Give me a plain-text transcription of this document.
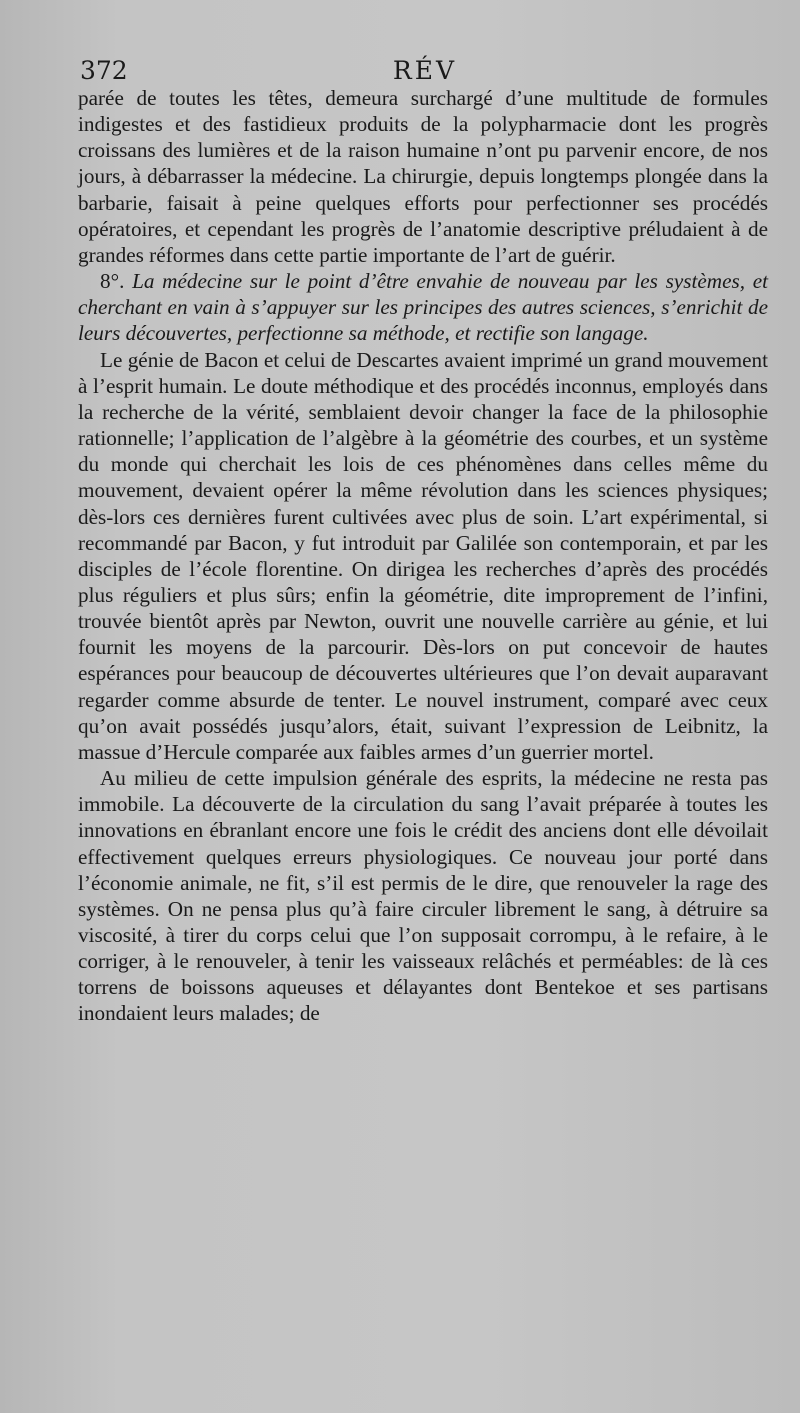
372	RÉV

parée de toutes les têtes, demeura surchargé d’une multitude de formules indigestes et des fastidieux produits de la polypharmacie dont les progrès croissans des lumières et de la raison humaine n’ont pu parvenir encore, de nos jours, à débarrasser la médecine. La chirurgie, depuis longtemps plongée dans la barbarie, faisait à peine quelques efforts pour perfectionner ses procédés opératoires, et cependant les progrès de l’anatomie descriptive préludaient à de grandes réformes dans cette partie importante de l’art de guérir.

8°. La médecine sur le point d’être envahie de nouveau par les systèmes, et cherchant en vain à s’appuyer sur les principes des autres sciences, s’enrichit de leurs découvertes, perfectionne sa méthode, et rectifie son langage.

Le génie de Bacon et celui de Descartes avaient imprimé un grand mouvement à l’esprit humain. Le doute méthodique et des procédés inconnus, employés dans la recherche de la vérité, semblaient devoir changer la face de la philosophie rationnelle; l’application de l’algèbre à la géométrie des courbes, et un système du monde qui cherchait les lois de ces phénomènes dans celles même du mouvement, devaient opérer la même révolution dans les sciences physiques; dès-lors ces dernières furent cultivées avec plus de soin. L’art expérimental, si recommandé par Bacon, y fut introduit par Galilée son contemporain, et par les disciples de l’école florentine. On dirigea les recherches d’après des procédés plus réguliers et plus sûrs; enfin la géométrie, dite improprement de l’infini, trouvée bientôt après par Newton, ouvrit une nouvelle carrière au génie, et lui fournit les moyens de la parcourir. Dès-lors on put concevoir de hautes espérances pour beaucoup de découvertes ultérieures que l’on devait auparavant regarder comme absurde de tenter. Le nouvel instrument, comparé avec ceux qu’on avait possédés jusqu’alors, était, suivant l’expression de Leibnitz, la massue d’Hercule comparée aux faibles armes d’un guerrier mortel.

Au milieu de cette impulsion générale des esprits, la médecine ne resta pas immobile. La découverte de la circulation du sang l’avait préparée à toutes les innovations en ébranlant encore une fois le crédit des anciens dont elle dévoilait effectivement quelques erreurs physiologiques. Ce nouveau jour porté dans l’économie animale, ne fit, s’il est permis de le dire, que renouveler la rage des systèmes. On ne pensa plus qu’à faire circuler librement le sang, à détruire sa viscosité, à tirer du corps celui que l’on supposait corrompu, à le refaire, à le corriger, à le renouveler, à tenir les vaisseaux relâchés et perméables: de là ces torrens de boissons aqueuses et délayantes dont Bentekoe et ses partisans inondaient leurs malades; de
